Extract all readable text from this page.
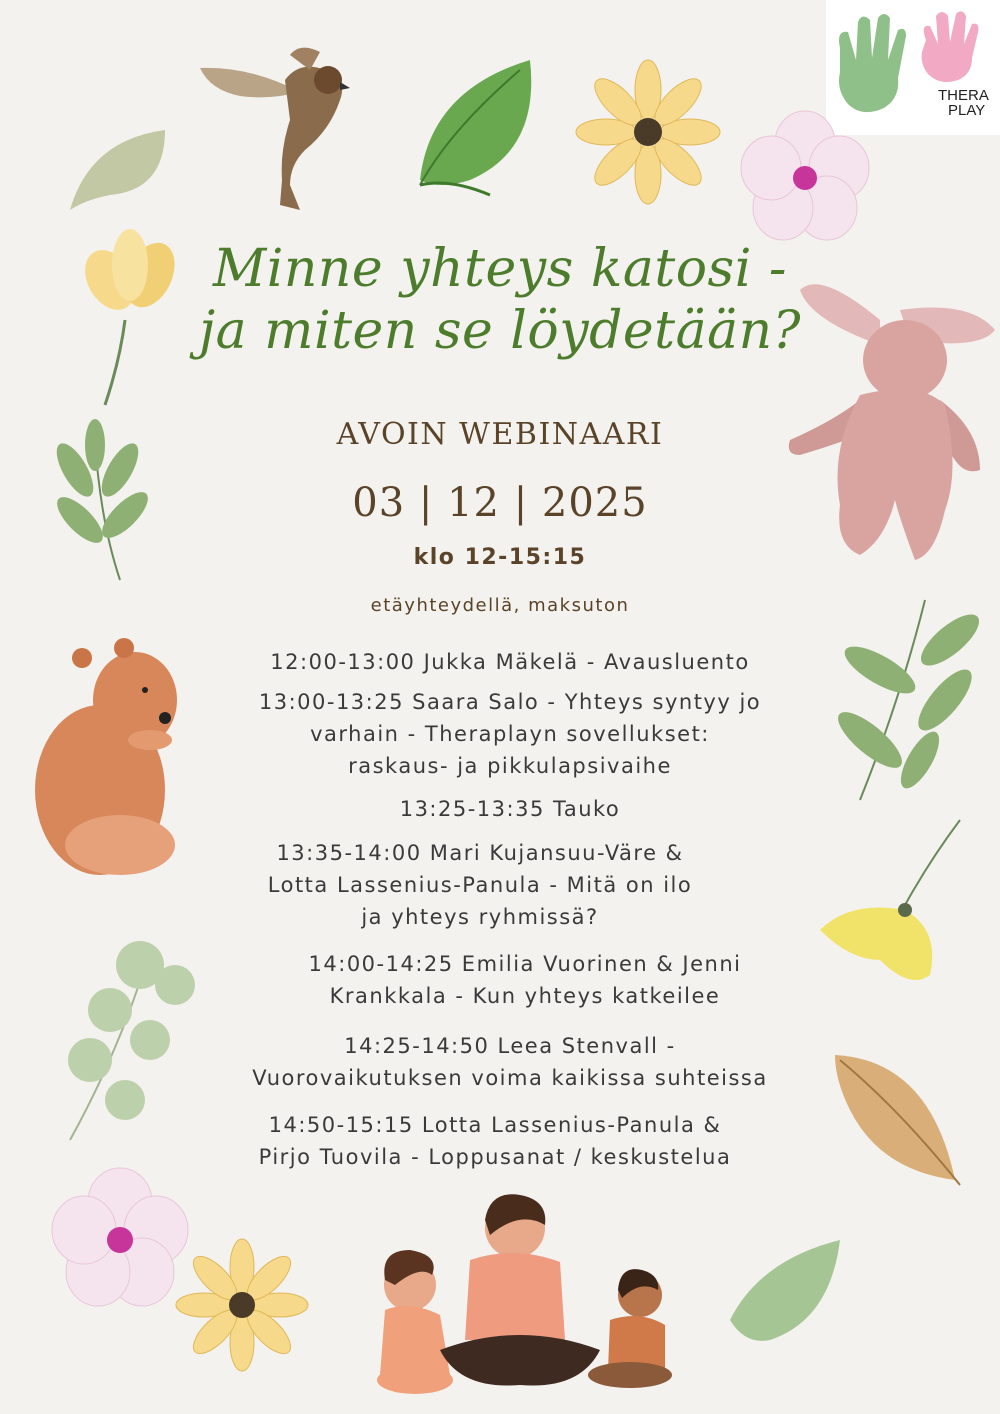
THERA
PLAY
Minne yhteys katosi -
ja miten se löydetään?
AVOIN WEBINAARI
03 | 12 | 2025
klo 12-15:15
etäyhteydellä, maksuton
12:00-13:00 Jukka Mäkelä - Avausluento
13:00-13:25 Saara Salo - Yhteys syntyy jo
varhain - Theraplayn sovellukset:
raskaus- ja pikkulapsivaihe
13:25-13:35 Tauko
13:35-14:00 Mari Kujansuu-Väre &
Lotta Lassenius-Panula - Mitä on ilo
ja yhteys ryhmissä?
14:00-14:25 Emilia Vuorinen & Jenni
Krankkala - Kun yhteys katkeilee
14:25-14:50 Leea Stenvall -
Vuorovaikutuksen voima kaikissa suhteissa
14:50-15:15 Lotta Lassenius-Panula &
Pirjo Tuovila - Loppusanat / keskustelua
